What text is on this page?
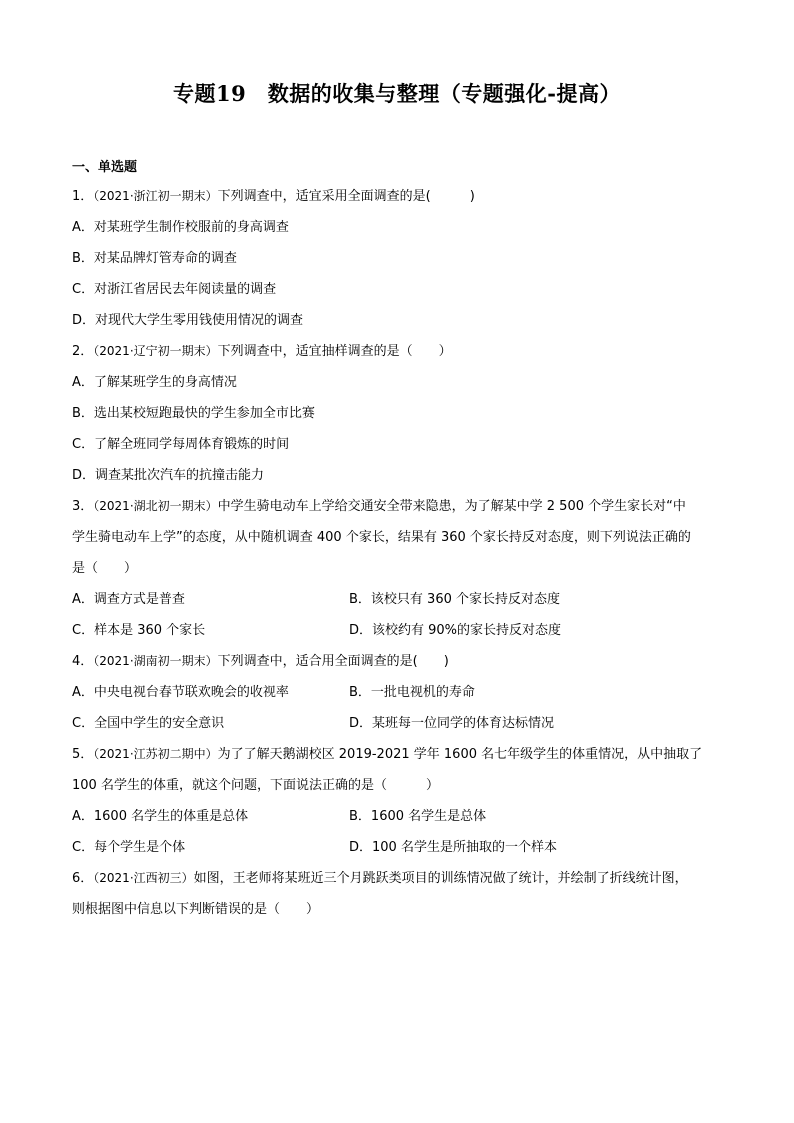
专题19　数据的收集与整理（专题强化-提高）
一、单选题
1．（2021·浙江初一期末）下列调查中，适宜采用全面调查的是(　　　)
A．对某班学生制作校服前的身高调查
B．对某品牌灯管寿命的调查
C．对浙江省居民去年阅读量的调查
D．对现代大学生零用钱使用情况的调查
2．（2021·辽宁初一期末）下列调查中，适宜抽样调查的是（　　）
A．了解某班学生的身高情况
B．选出某校短跑最快的学生参加全市比赛
C．了解全班同学每周体育锻炼的时间
D．调查某批次汽车的抗撞击能力
3．（2021·湖北初一期末）中学生骑电动车上学给交通安全带来隐患，为了解某中学 2 500 个学生家长对“中
学生骑电动车上学”的态度，从中随机调查 400 个家长，结果有 360 个家长持反对态度，则下列说法正确的
是（　　）
A．调查方式是普查	B．该校只有 360 个家长持反对态度
C．样本是 360 个家长	D．该校约有 90%的家长持反对态度
4．（2021·湖南初一期末）下列调查中，适合用全面调查的是(　　)
A．中央电视台春节联欢晚会的收视率	B．一批电视机的寿命
C．全国中学生的安全意识	D．某班每一位同学的体育达标情况
5．（2021·江苏初二期中）为了了解天鹅湖校区 2019-2021 学年 1600 名七年级学生的体重情况，从中抽取了
100 名学生的体重，就这个问题，下面说法正确的是（　　　）
A．1600 名学生的体重是总体	B．1600 名学生是总体
C．每个学生是个体	D．100 名学生是所抽取的一个样本
6．（2021·江西初三）如图，王老师将某班近三个月跳跃类项目的训练情况做了统计，并绘制了折线统计图，
则根据图中信息以下判断错误的是（　　）
